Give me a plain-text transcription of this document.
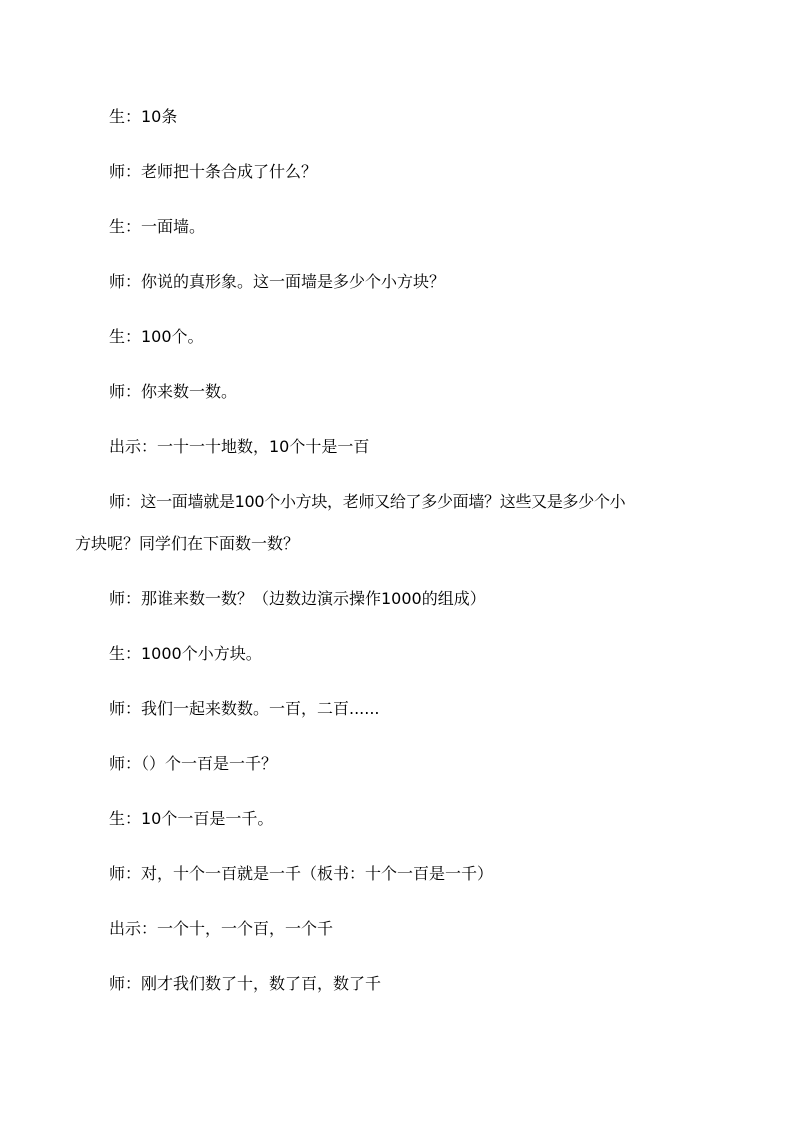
生：10条
师：老师把十条合成了什么？
生：一面墙。
师：你说的真形象。这一面墙是多少个小方块？
生：100个。
师：你来数一数。
出示：一十一十地数，10个十是一百
师：这一面墙就是100个小方块，老师又给了多少面墙？这些又是多少个小
方块呢？同学们在下面数一数？
师：那谁来数一数？（边数边演示操作1000的组成）
生：1000个小方块。
师：我们一起来数数。一百，二百......
师：（）个一百是一千？
生：10个一百是一千。
师：对，十个一百就是一千（板书：十个一百是一千）
出示：一个十，一个百，一个千
师：刚才我们数了十，数了百，数了千
